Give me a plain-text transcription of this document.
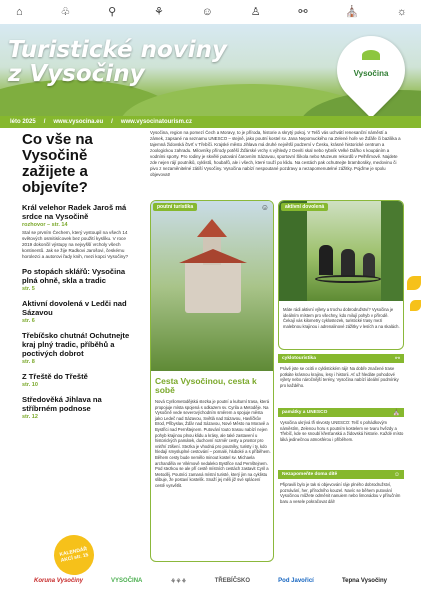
⌂	♧	⚲	⚘	☺	♙	⚯	⛪	☼
Turistické noviny
z Vysočiny	Vysočina
léto 2025 / www.vysocina.eu / www.vysocinatourism.cz
Co vše na Vysočině zažijete a objevíte?
Král velehor Radek Jaroš má srdce na Vysočině
rozhovor – str. 14
Stal se prvním Čechem, který vystoupil na všech 14 světových osmitisícovek bez použití kyslíku. V roce 2019 dokončil výstupy na nejvyšší vrcholy všech kontinentů. Jak se žije Radkovi Jarošovi, českému horolezci a autorovi řady knih, mezi kopci Vysočiny?
Po stopách sklářů: Vysočina plná ohně, skla a tradic
str. 5
Aktivní dovolená v Ledči nad Sázavou
str. 6
Třebíčsko chutná! Ochutnejte kraj plný tradic, příběhů a poctivých dobrot
str. 8
Z Třeště do Třeště
str. 10
Středověká Jihlava na stříbrném podnose
str. 12
KALENDÁŘ AKCÍ str. 15
Vysočina, region na pomezí Čech a Moravy, to je příroda, historie a skrytý pokoj. V Telči vás uchvátí renesanční náměstí a zámek, zapsané na seznamu UNESCO – stejně, jako poutní kostel sv. Jana Nepomuckého na Zelené hoře ve Žďáře či bazilika a tajemná židovská čtvrť v Třebíči. Krajské město Jihlava má druhé největší podzemí v Česku, krásné historické centrum a zoologickou zahradu. Milovníky přírody potěší Žďárské vrchy s výhledy z Devíti skal nebo rybník Velké Dářko s koupáním a vodními sporty. Pro rodiny je skvělé putování čarovním Sázavou, sportovní Šikola nebo Muzeum rekordů v Pelhřimově. Najdete zde nejen rájí poutníků, cyklistů, houbařů, ale i všech, které touží po klidu. Na cestách pak ochutnejte bramboráky, medovinu či pivo z nezaměnitelné zátiší Vysočiny. Vysočina nabízí nespoutané pozdravy a nezapomenutelné zážitky. Pojďme je spolu objevovat!
poutní turistika	☺
Cesta Vysočinou, cesta k sobě
Nová Cyrilometodějská stezka je poutní a kulturní trasa, která propojuje místa spojená s odkazem sv. Cyrila a Metoděje. Na Vysočině vede severovýchodním směrem a spojuje města jako Ledeč nad Sázavou, Světlá nad Sázavou, Havlíčkův Brod, Přibyslav, Žďár nad Sázavou, Nové Město na Moravě a Bystřici nad Pernštejnem. Putování touto trasou nabízí nejen pohyb krajinou plnou klidu a krásy, ale také zastavení u historických památek, duchovní rozměr cesty a prostor pro vnitřní ztišení. Stezka je vhodná pro poutníky, turisty i ty, kdo hledají smysluplné cestování – pomalé, hluboké a s příběhem. Během cesty bude nemělo minout kostel sv. Michaela archanděla ve Vilémově nedaleko Bystřice nad Pernštejnem. Pod stezkou se ale pří cestě místních cestách zastavit Cyril a Metoděj. Poutníci zamaná místní turisté, který jim na cyklistu slibuje, že postaví kostelík. Snaží jej měli již své splácení cestě vysvětlit.
aktivní dovolená
Máte rádi aktivní výlety a trochu dobrodružství? Vysočina je ideálním místem pro všechny, kdo milují pohyb v přírodě. Čekají vás kilometry cyklostezek, turistické trasy mezi malebnou krajinou i adrenalinové zážitky v lesích a na skalách.
cyklotouristika	⚯
Právě jste se ocitli v cyklistickém ráji! Na dobře značené trase potkáte krásnou krajinu, lesy i historii. Ať už hledáte pohodové výlety nebo náročnější terény, Vysočina nabízí ideální podmínky pro každého.
památky a UNESCO	⛪
Vysočina ukrývá tři skvosty UNESCO: Telč s pohádkovým náměstím, Zelenou horu s poutním kostelem ve tvaru hvězdy a Třebíč, kde se snoubí křesťanská a židovská historie. Každé místo láká jedinečnou atmosférou i příběhem.
Nezapomeňte doma dítě	☺
Připravili bylo je tak si objevování ráje plného dobrodružství, poznávání, her, přírodního kouzel. Navíc se během putování Vysočinou můžete odměnit nanuiem nebo limonádou v příručním baru a vesele pokračovat dál!
Koruna Vysočiny	VYSOČINA	⚘⚘⚘	TŘEBÍČSKO	Pod Javořicí	Tepna Vysočiny
